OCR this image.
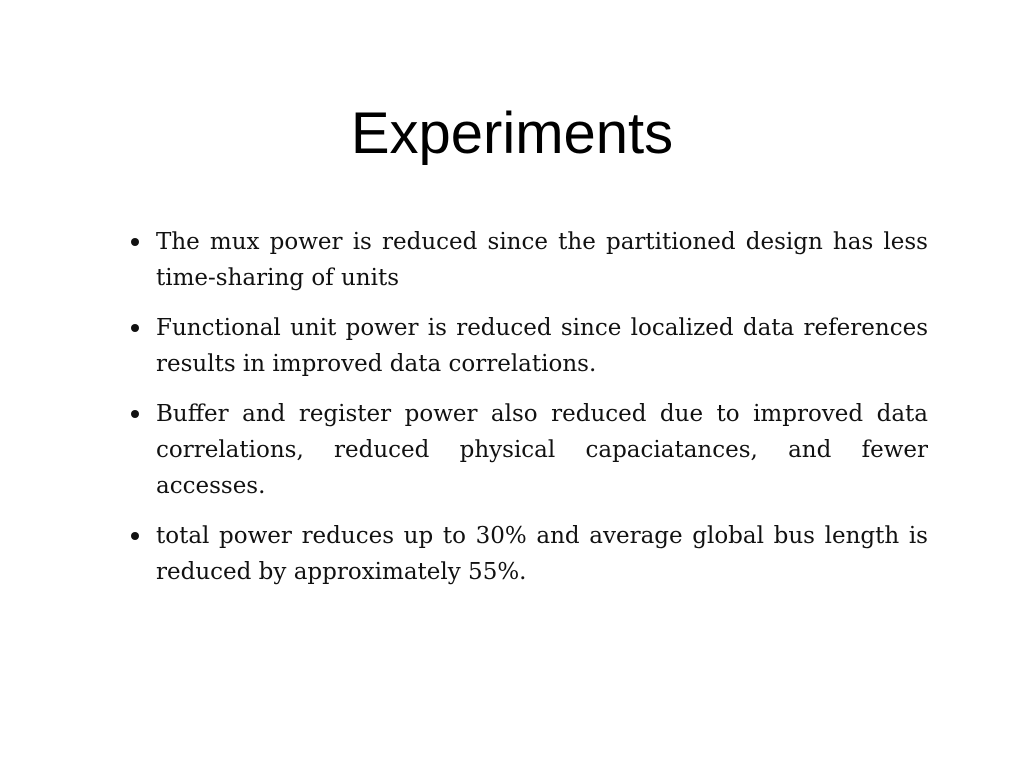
Experiments
The mux power is reduced since the partitioned design has less time-sharing of units
Functional unit power is reduced since localized data references results in improved data correlations.
Buffer and register power also reduced due to improved data correlations, reduced physical capaciatances, and fewer accesses.
total power reduces up to 30% and average global bus length is reduced by approximately 55%.
